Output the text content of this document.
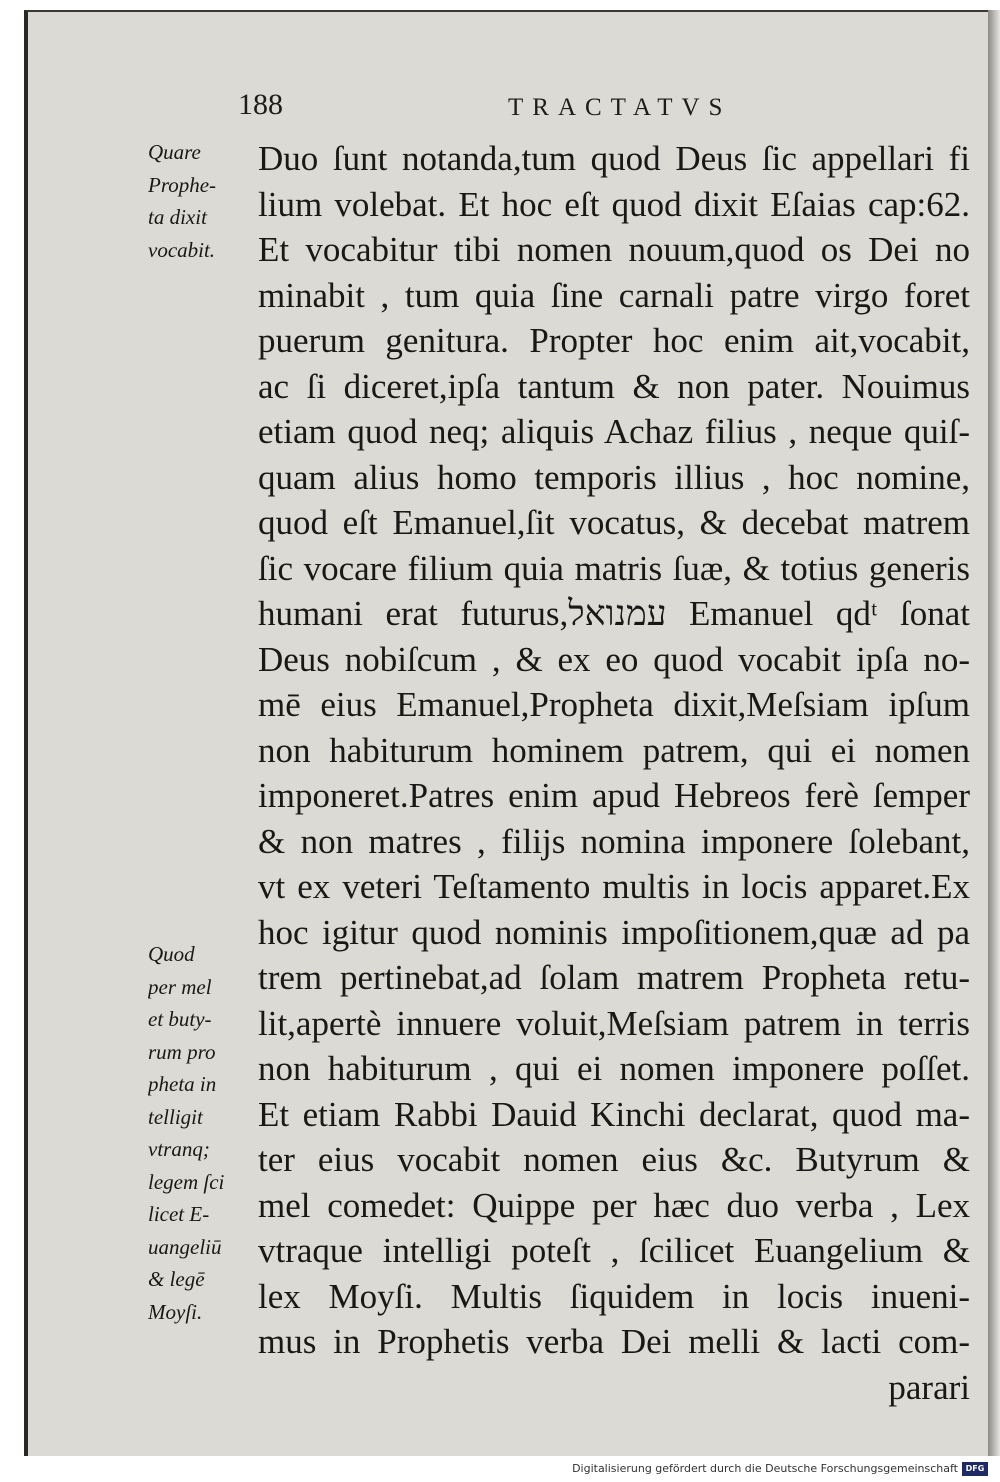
188	TRACTATVS
Quare
Prophe-
ta dixit
vocabit.
Quod
per mel
et buty-
rum pro
pheta in
telligit
vtranq;
legem ſci
licet E-
uangeliū
& legē
Moyſi.
Duo ſunt notanda,tum quod Deus ſic appellari fi
lium volebat. Et hoc eſt quod dixit Eſaias cap:62.
Et vocabitur tibi nomen nouum,quod os Dei no
minabit , tum quia ſine carnali patre virgo foret
puerum genitura. Propter hoc enim ait,vocabit,
ac ſi diceret,ipſa tantum & non pater. Nouimus
etiam quod neq; aliquis Achaz filius , neque quiſ-
quam alius homo temporis illius , hoc nomine,
quod eſt Emanuel,ſit vocatus, & decebat matrem
ſic vocare filium quia matris ſuæ, & totius generis
humani erat futurus,עמנואל Emanuel qdᵗ ſonat
Deus nobiſcum , & ex eo quod vocabit ipſa no-
mē eius Emanuel,Propheta dixit,Meſsiam ipſum
non habiturum hominem patrem, qui ei nomen
imponeret.Patres enim apud Hebreos ferè ſemper
& non matres , filijs nomina imponere ſolebant,
vt ex veteri Teſtamento multis in locis apparet.Ex
hoc igitur quod nominis impoſitionem,quæ ad pa
trem pertinebat,ad ſolam matrem Propheta retu-
lit,apertè innuere voluit,Meſsiam patrem in terris
non habiturum , qui ei nomen imponere poſſet.
Et etiam Rabbi Dauid Kinchi declarat, quod ma-
ter eius vocabit nomen eius &c. Butyrum &
mel comedet: Quippe per hæc duo verba , Lex
vtraque intelligi poteſt , ſcilicet Euangelium &
lex Moyſi. Multis ſiquidem in locis inueni-
mus in Prophetis verba Dei melli & lacti com-
parari
Digitalisierung gefördert durch die Deutsche Forschungsgemeinschaft DFG
